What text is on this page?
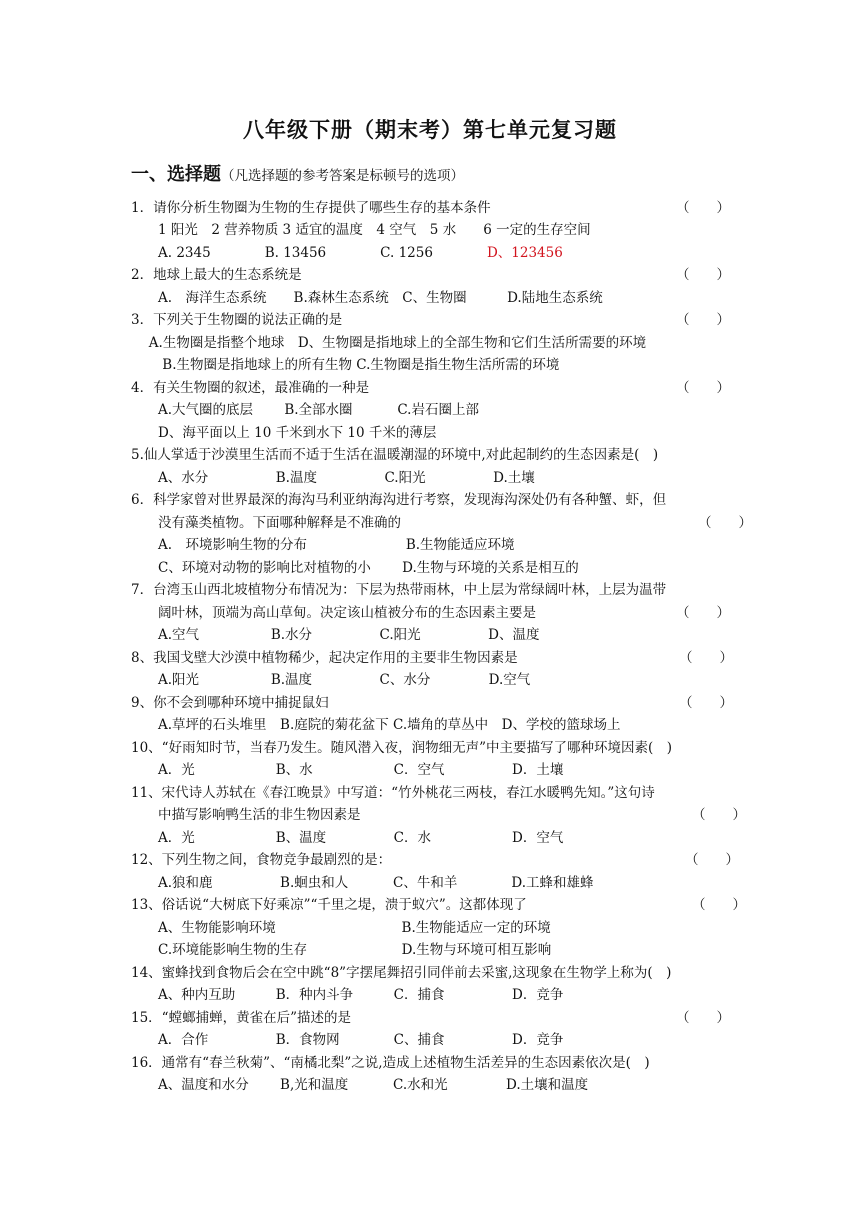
八年级下册（期末考）第七单元复习题
一、选择题（凡选择题的参考答案是标顿号的选项）
1．请你分析生物圈为生物的生存提供了哪些生存的基本条件	（　　）
　　1 阳光　2 营养物质 3 适宜的温度　4 空气　5 水　　6 一定的生存空间
　　A. 2345　　　　B. 13456　　　　C. 1256　　　　D、123456
2．地球上最大的生态系统是	（　　）
　　A.　海洋生态系统　　B.森林生态系统　C、生物圈　　　D.陆地生态系统
3．下列关于生物圈的说法正确的是	（　　）
　 A.生物圈是指整个地球　D、生物圈是指地球上的全部生物和它们生活所需要的环境
　　 B.生物圈是指地球上的所有生物 C.生物圈是指生物生活所需的环境
4．有关生物圈的叙述，最准确的一种是	（　　）
　　A.大气圈的底层　　 B.全部水圈　　　 C.岩石圈上部
　　D、海平面以上 10 千米到水下 10 千米的薄层
5.仙人掌适于沙漠里生活而不适于生活在温暖潮湿的环境中,对此起制约的生态因素是(　)
　　A、水分　　　　　B.温度　　　　　C.阳光　　　　　D.土壤
6．科学家曾对世界最深的海沟马利亚纳海沟进行考察，发现海沟深处仍有各种蟹、虾，但
　　没有藻类植物。下面哪种解释是不准确的	（　　）
　　A.　环境影响生物的分布　　　　　　　 B.生物能适应环境
　　C、环境对动物的影响比对植物的小　　 D.生物与环境的关系是相互的
7．台湾玉山西北坡植物分布情况为：下层为热带雨林，中上层为常绿阔叶林，上层为温带
　　阔叶林，顶端为高山草甸。决定该山植被分布的生态因素主要是	（　　）
　　A.空气　　　　　 B.水分　　　　　C.阳光　　　　　D、温度
8、我国戈壁大沙漠中植物稀少，起决定作用的主要非生物因素是	（　　）
　　A.阳光　　　　　 B.温度　　　　　C、水分　　　　 D.空气
9、你不会到哪种环境中捕捉鼠妇	（　　）
　　A.草坪的石头堆里　B.庭院的菊花盆下 C.墙角的草丛中　D、学校的篮球场上
10、“好雨知时节，当春乃发生。随风潜入夜，润物细无声”中主要描写了哪种环境因素(　)
　　A．光　　　　　　B、水　　　　　　C．空气　　　　　D．土壤
11、宋代诗人苏轼在《春江晚景》中写道：“竹外桃花三两枝，春江水暖鸭先知。”这句诗
　　中描写影响鸭生活的非生物因素是	（　　）
　　A．光　　　　　　B、温度　　　　　C．水　　　　　　D．空气
12、下列生物之间，食物竞争最剧烈的是：	（　　）
　　A.狼和鹿　　　　　B.蛔虫和人　　　 C、牛和羊　　　　D.工蜂和雄蜂
13、俗话说“大树底下好乘凉”“千里之堤，溃于蚁穴”。这都体现了	（　　）
　　A、生物能影响环境　　　　　　　　　 B.生物能适应一定的环境
　　C.环境能影响生物的生存　　　　　　　D.生物与环境可相互影响
14、蜜蜂找到食物后会在空中跳“8”字摆尾舞招引同伴前去采蜜,这现象在生物学上称为(　)
　　A、种内互助　　　B．种内斗争　　　C．捕食　　　　　D．竞争
15．“螳螂捕蝉，黄雀在后”描述的是	（　　）
　　A．合作　　　　　B．食物网　　　　C、捕食　　　　　D．竞争
16．通常有“春兰秋菊”、“南橘北梨”之说,造成上述植物生活差异的生态因素依次是(　)
　　A、温度和水分　　 B,光和温度　　　 C.水和光　　　　 D.土壤和温度
